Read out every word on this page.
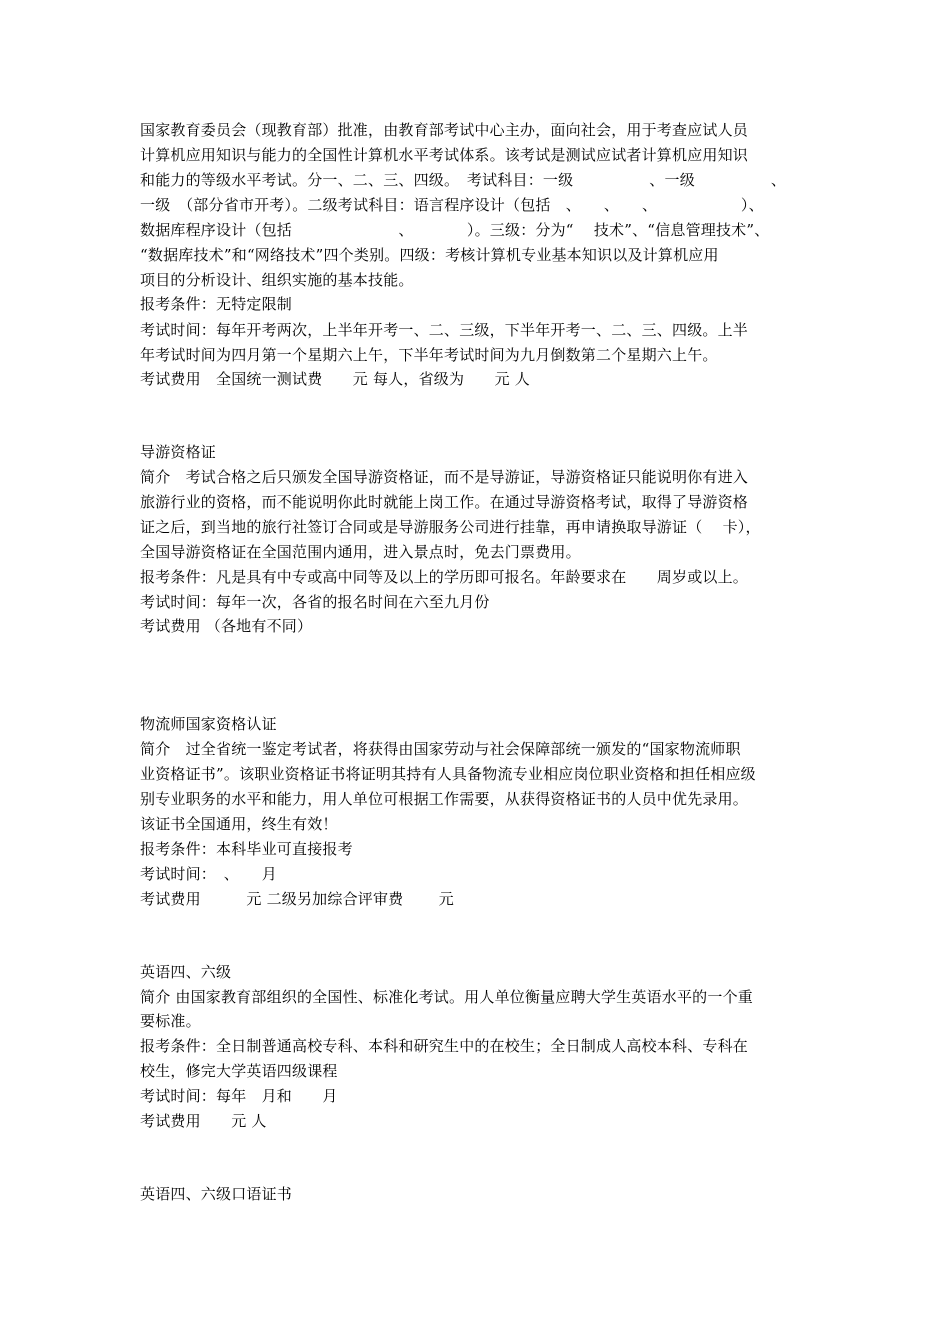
国家教育委员会（现教育部）批准，由教育部考试中心主办，面向社会，用于考查应试人员
计算机应用知识与能力的全国性计算机水平考试体系。该考试是测试应试者计算机应用知识
和能力的等级水平考试。分一、二、三、四级。　考试科目：一级　　　　　、一级　　　　　、
一级　（部分省市开考）。二级考试科目：语言程序设计（包括　、　　、　　、　　　　　　）、
数据库程序设计（包括　　　　　　　、　　　　）。三级：分为“　 技术”、“信息管理技术”、
“数据库技术”和“网络技术”四个类别。四级：考核计算机专业基本知识以及计算机应用
项目的分析设计、组织实施的基本技能。
报考条件：无特定限制
考试时间：每年开考两次，上半年开考一、二、三级，下半年开考一、二、三、四级。上半
年考试时间为四月第一个星期六上午，下半年考试时间为九月倒数第二个星期六上午。
考试费用　全国统一测试费　　元 每人，省级为　　元 人
导游资格证
简介　考试合格之后只颁发全国导游资格证，而不是导游证，导游资格证只能说明你有进入
旅游行业的资格，而不能说明你此时就能上岗工作。在通过导游资格考试，取得了导游资格
证之后，到当地的旅行社签订合同或是导游服务公司进行挂靠，再申请换取导游证（　 卡），
全国导游资格证在全国范围内通用，进入景点时，免去门票费用。
报考条件：凡是具有中专或高中同等及以上的学历即可报名。年龄要求在　　周岁或以上。
考试时间：每年一次，各省的报名时间在六至九月份
考试费用 （各地有不同）
物流师国家资格认证
简介　过全省统一鉴定考试者，将获得由国家劳动与社会保障部统一颁发的“国家物流师职
业资格证书”。该职业资格证书将证明其持有人具备物流专业相应岗位职业资格和担任相应级
别专业职务的水平和能力，用人单位可根据工作需要，从获得资格证书的人员中优先录用。
该证书全国通用，终生有效！
报考条件：本科毕业可直接报考
考试时间：　、　　月
考试费用　　　元 二级另加综合评审费　　 元
英语四、六级
简介 由国家教育部组织的全国性、标准化考试。用人单位衡量应聘大学生英语水平的一个重
要标准。
报考条件：全日制普通高校专科、本科和研究生中的在校生；全日制成人高校本科、专科在
校生，修完大学英语四级课程
考试时间：每年　月和　　月
考试费用　　元 人
英语四、六级口语证书
